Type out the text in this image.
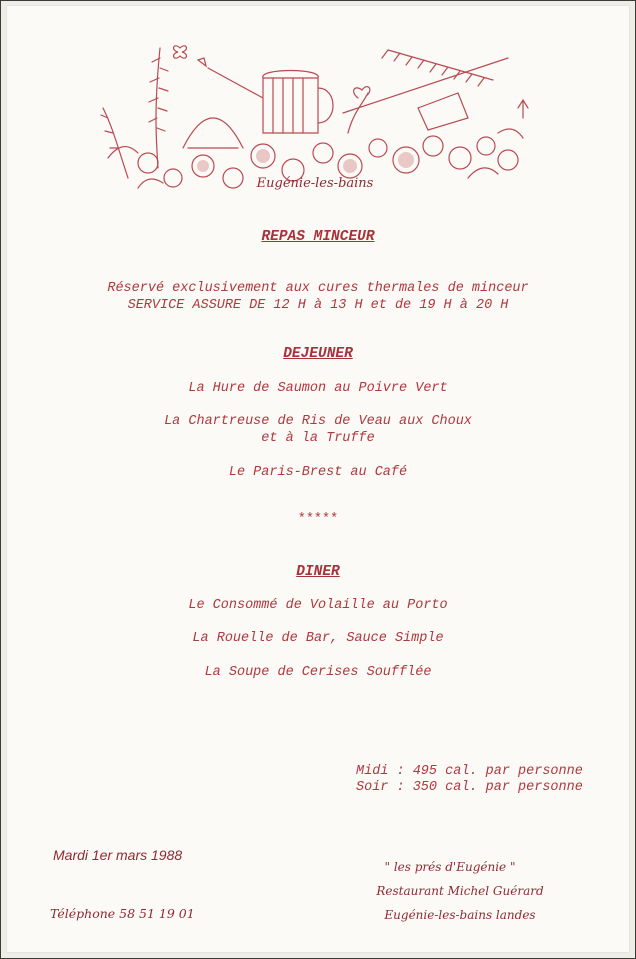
Eugénie-les-bains
REPAS MINCEUR
Réservé exclusivement aux cures thermales de minceur
SERVICE ASSURE DE 12 H à 13 H et de 19 H à 20 H
DEJEUNER
La Hure de Saumon au Poivre Vert
La Chartreuse de Ris de Veau aux Choux
et à la Truffe
Le Paris-Brest au Café
*****
DINER
Le Consommé de Volaille au Porto
La Rouelle de Bar, Sauce Simple
La Soupe de Cerises Soufflée
Midi : 495 cal. par personne
Soir : 350 cal. par personne
Mardi 1er mars 1988
Téléphone 58 51 19 01
" les prés d'Eugénie "
Restaurant Michel Guérard
Eugénie-les-bains landes
